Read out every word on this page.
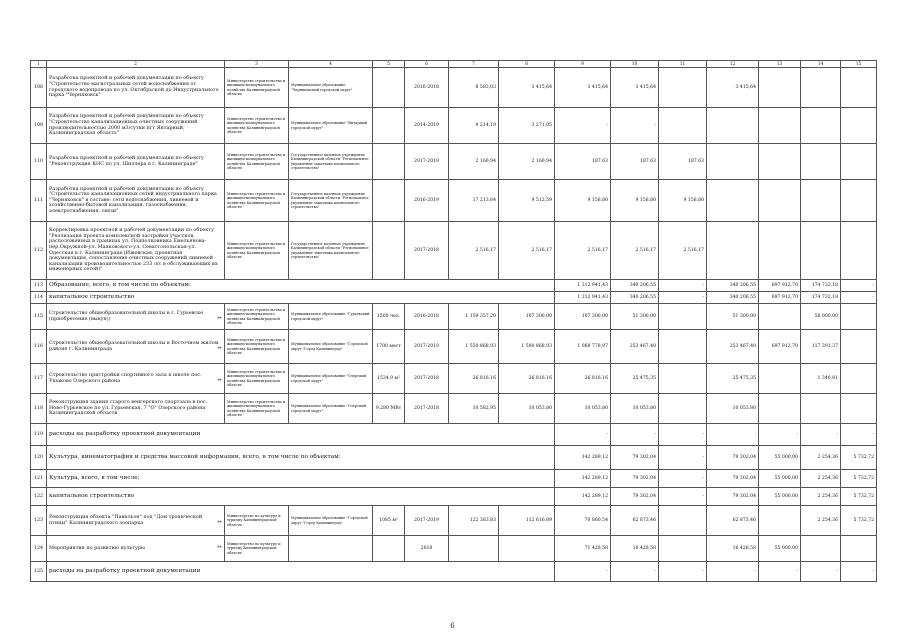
1	2	3	4	5	6	7	8	9	10	11	12	13	14	15
108	Разработка проектной и рабочей документации по объекту "Строительство магистральных сетей водоснабжения от городского водопровода по ул. Октябрьской до Индустриального парка "Черняховск"	Министерство строительства и жилищно-коммунального хозяйства Калининградской области	Муниципальное образование "Черняховский городской округ"		2016-2018	8 583,03	3 415,64	3 415,64	3 415,64		3 415,64			
109	Разработка проектной и рабочей документации по объекту "Строительство канализационных очистных сооружений производительностью 2000 м3/сутки пгт Янтарный, Калининградская область"	Министерство строительства и жилищно-коммунального хозяйства Калининградской области	Муниципальное образование "Янтарный городской округ"		2014-2019	9 214,19	3 271,05	-	-					
110	Разработка проектной и рабочей документации по объекту "Реконструкция КНС по ул. Шиллера в г. Калининграде"	Министерство строительства и жилищно-коммунального хозяйства Калининградской области	Государственное казенное учреждение Калининградской области "Региональное управление заказчика капитального строительства"		2017-2019	2 166,94	2 166,94	187,63	187,63	187,63				
111	Разработка проектной и рабочей документации по объекту "Строительство канализационных сетей индустриального парка "Черняховск" в составе: сети водоснабжения, ливневой и хозяйственно-бытовой канализации, газоснабжения, электроснабжения, связи"	Министерство строительства и жилищно-коммунального хозяйства Калининградской области	Государственное казенное учреждение Калининградской области "Региональное управление заказчика капитального строительства"		2016-2019	17 213,64	9 512,59	9 158,80	9 158,80	9 158,80				
112	Корректировка проектной и рабочей документации по объекту "Реализация проекта комплексной застройки участков, расположенных в границах ул. Подполковника Емельянова-пер.Окружной-ул. Маяковского-ул. Севастопольская-ул. Одесская в г. Калининграде (Ижевская, проектная документация, сопоставление очистных сооружений ливневой канализации производительностью 233 л/с в обслуживающих их инженерных сетей)"	Министерство строительства и жилищно-коммунального хозяйства Калининградской области	Государственное казенное учреждение Калининградской области "Региональное управление заказчика капитального строительства"		2017-2018	2 516,17	2 516,17	2 516,17	2 516,17	2 516,17				
113	Образование, всего, в том числе по объектам:							1 212 941,43	340 206,55	-	340 206,55	697 912,70	174 732,18	-
114	капитальное строительство							1 212 941,43	340 206,55	-	340 206,55	697 912,70	174 732,18	-
115	Строительство общеобразовательной школы в г. Гурьевске (приобретение (выкуп)) **	Министерство строительства и жилищно-коммунального хозяйства Калининградской области	Муниципальное образование "Гурьевский городской округ"	1500 чел.	2016-2018	1 159 357,20	107 300,00	107 300,00	51 300,00		51 300,00		56 000,00	
116	Строительство общеобразовательной школы в Восточном жилом районе г. Калининграда **	Министерство строительства и жилищно-коммунального хозяйства Калининградской области	Муниципальное образование "Городской округ "Город Калининград"	1700 мест	2017-2019	1 550 868,93	1 500 868,93	1 068 778,97	253 467,40		253 467,40	697 912,70	117 391,37	
117	Строительство пристройки спортивного зала к школе пос. Ушаково Озерского района **	Министерство строительства и жилищно-коммунального хозяйства Калининградской области	Муниципальное образование "Озерский городской округ"	1534,9 м²	2017-2018	26 816,16	26 816,16	26 816,16	25 475,35		25 475,35		1 340,81	
118	Реконструкция здания старого венгерского спортзала в пос. Ново-Гурьевское по ул. Гурьевская, 7 "О" Озерского района Калининградской области	Министерство строительства и жилищно-коммунального хозяйства Калининградской области	Муниципальное образование "Озерский городской округ"	9,280 МВт	2017-2018	10 582,95	10 053,80	10 053,80	10 053,80		10 053,80			
119	расходы на разработку проектной документации							-	-	-	-	-	-	-
120	Культура, кинематография и средства массовой информации, всего, в том числе по объектам:							142 289,12	79 302,04	-	79 302,04	55 000,00	2 254,36	5 732,72
121	Культура, всего, в том числе:							142 289,12	79 302,04	-	79 302,04	55 000,00	2 254,36	5 732,72
122	капитальное строительство							142 289,12	79 302,04	-	79 302,04	55 000,00	2 254,36	5 732,72
123	Реконструкция объекта "Павильон" под "Дом тропической птицы" Калининградского зоопарка **	Министерство по культуре и туризму Калининградской области	Муниципальное образование "Городской округ "Город Калининград"	1085 м²	2017-2019	122 383,83	112 616,89	70 860,54	62 873,46		62 873,46		2 254,36	5 732,72
124	Мероприятия по развитию культуры **	Министерство по культуре и туризму Калининградской области			2018			71 428,58	16 428,58		16 428,58	55 000,00		
125	расходы на разработку проектной документации							-	-	-	-	-	-	-
6
